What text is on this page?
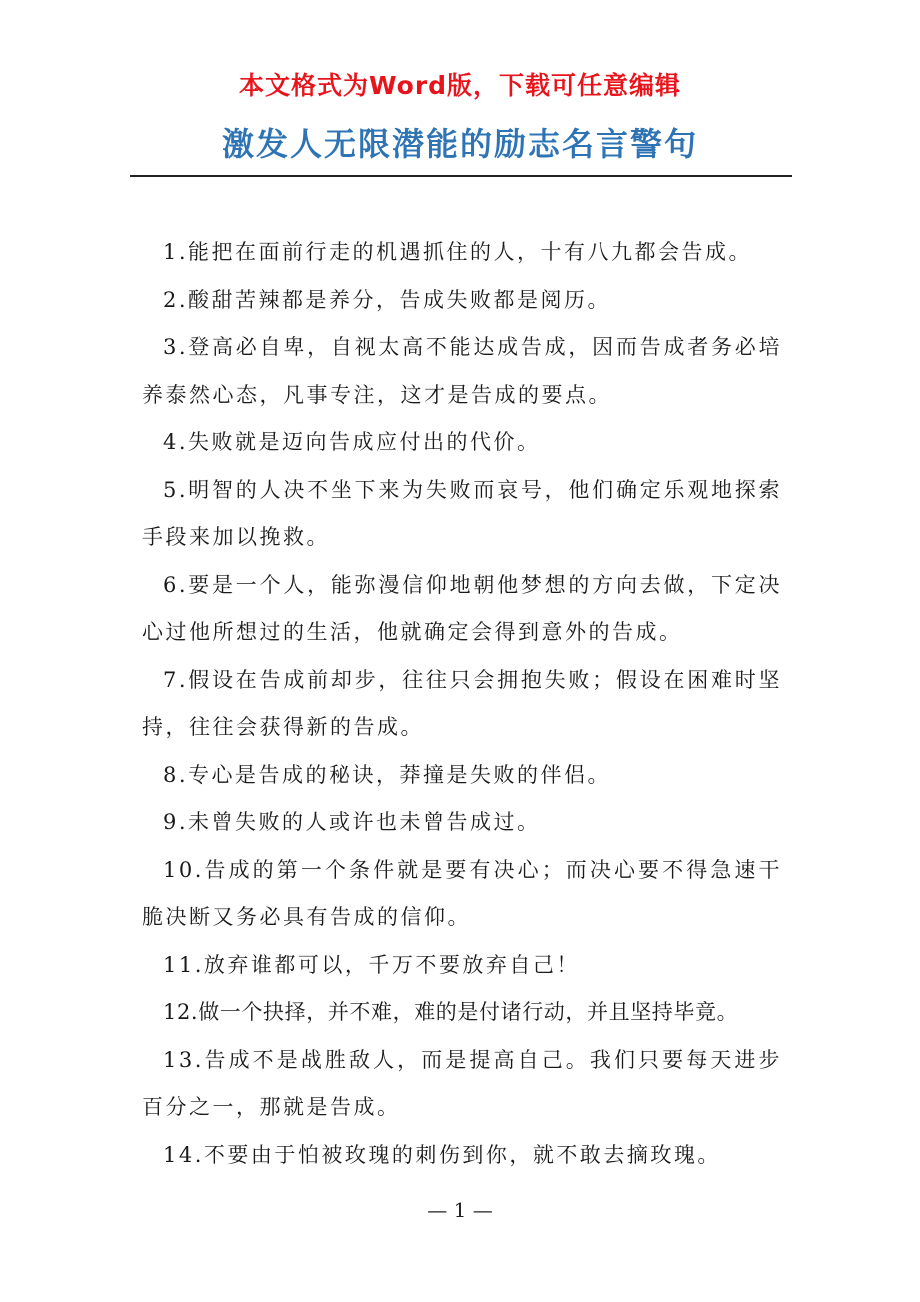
本文格式为Word版，下载可任意编辑
激发人无限潜能的励志名言警句

1.能把在面前行走的机遇抓住的人，十有八九都会告成。

2.酸甜苦辣都是养分，告成失败都是阅历。

3.登高必自卑，自视太高不能达成告成，因而告成者务必培养泰然心态，凡事专注，这才是告成的要点。

4.失败就是迈向告成应付出的代价。

5.明智的人决不坐下来为失败而哀号，他们确定乐观地探索手段来加以挽救。

6.要是一个人，能弥漫信仰地朝他梦想的方向去做，下定决心过他所想过的生活，他就确定会得到意外的告成。

7.假设在告成前却步，往往只会拥抱失败；假设在困难时坚持，往往会获得新的告成。

8.专心是告成的秘诀，莽撞是失败的伴侣。

9.未曾失败的人或许也未曾告成过。

10.告成的第一个条件就是要有决心；而决心要不得急速干脆决断又务必具有告成的信仰。

11.放弃谁都可以，千万不要放弃自己！

12.做一个抉择，并不难，难的是付诸行动，并且坚持毕竟。

13.告成不是战胜敌人，而是提高自己。我们只要每天进步百分之一，那就是告成。

14.不要由于怕被玫瑰的刺伤到你，就不敢去摘玫瑰。

— 1 —
